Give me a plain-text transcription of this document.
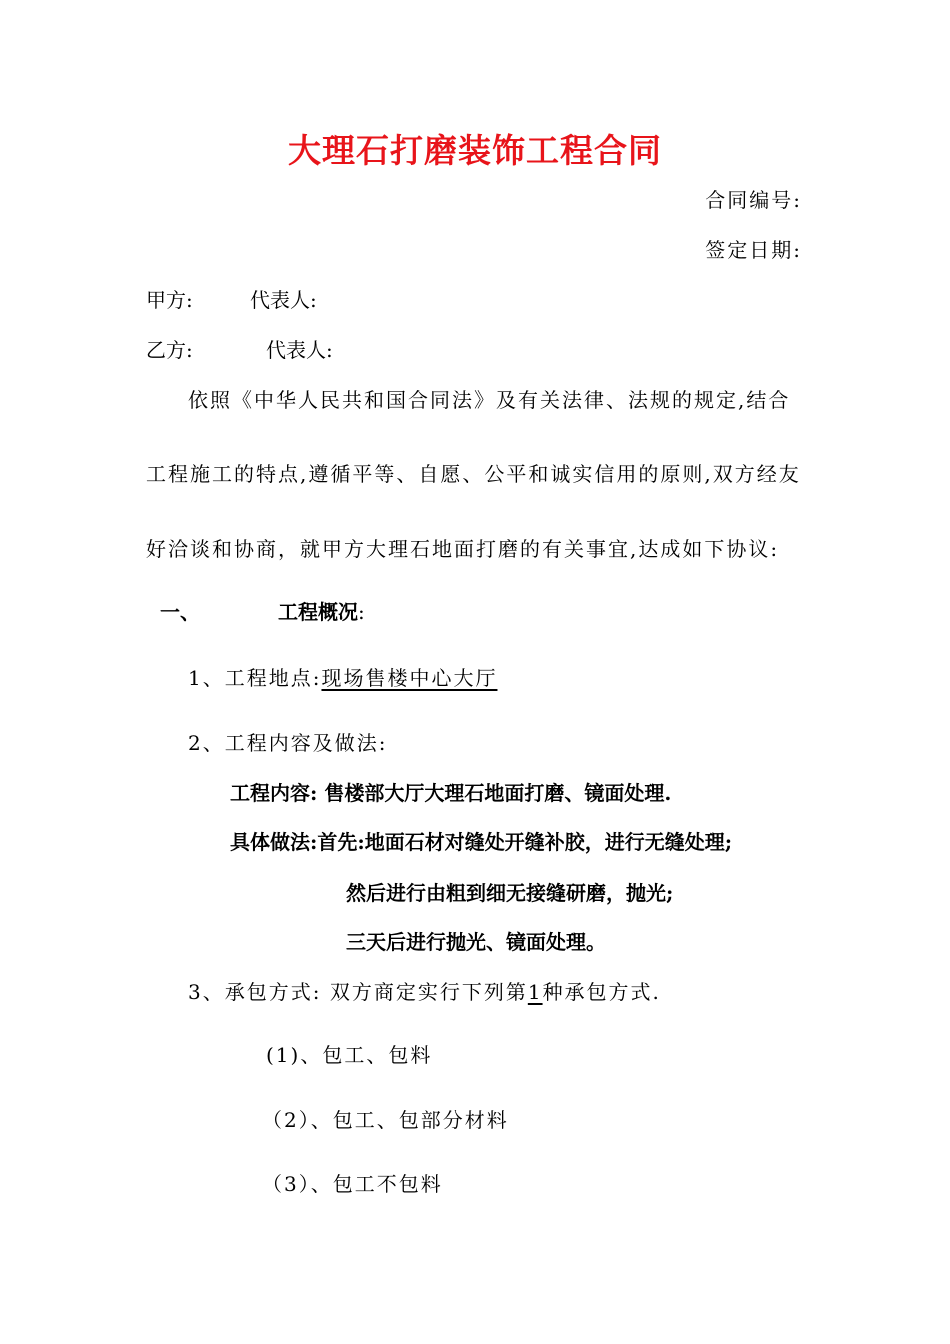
大理石打磨装饰工程合同
合同编号:
签定日期:
甲方:	代表人:
乙方:	代表人:
依照《中华人民共和国合同法》及有关法律、法规的规定,结合
工程施工的特点,遵循平等、自愿、公平和诚实信用的原则,双方经友
好洽谈和协商，就甲方大理石地面打磨的有关事宜,达成如下协议:
一、	工程概况:
1、工程地点:现场售楼中心大厅
2、工程内容及做法:
工程内容: 售楼部大厅大理石地面打磨、镜面处理.
具体做法:首先:地面石材对缝处开缝补胶，进行无缝处理;
然后进行由粗到细无接缝研磨，抛光;
三天后进行抛光、镜面处理。
3、承包方式: 双方商定实行下列第1种承包方式.
(1)、包工、包料
（2）、包工、包部分材料
（3）、包工不包料
